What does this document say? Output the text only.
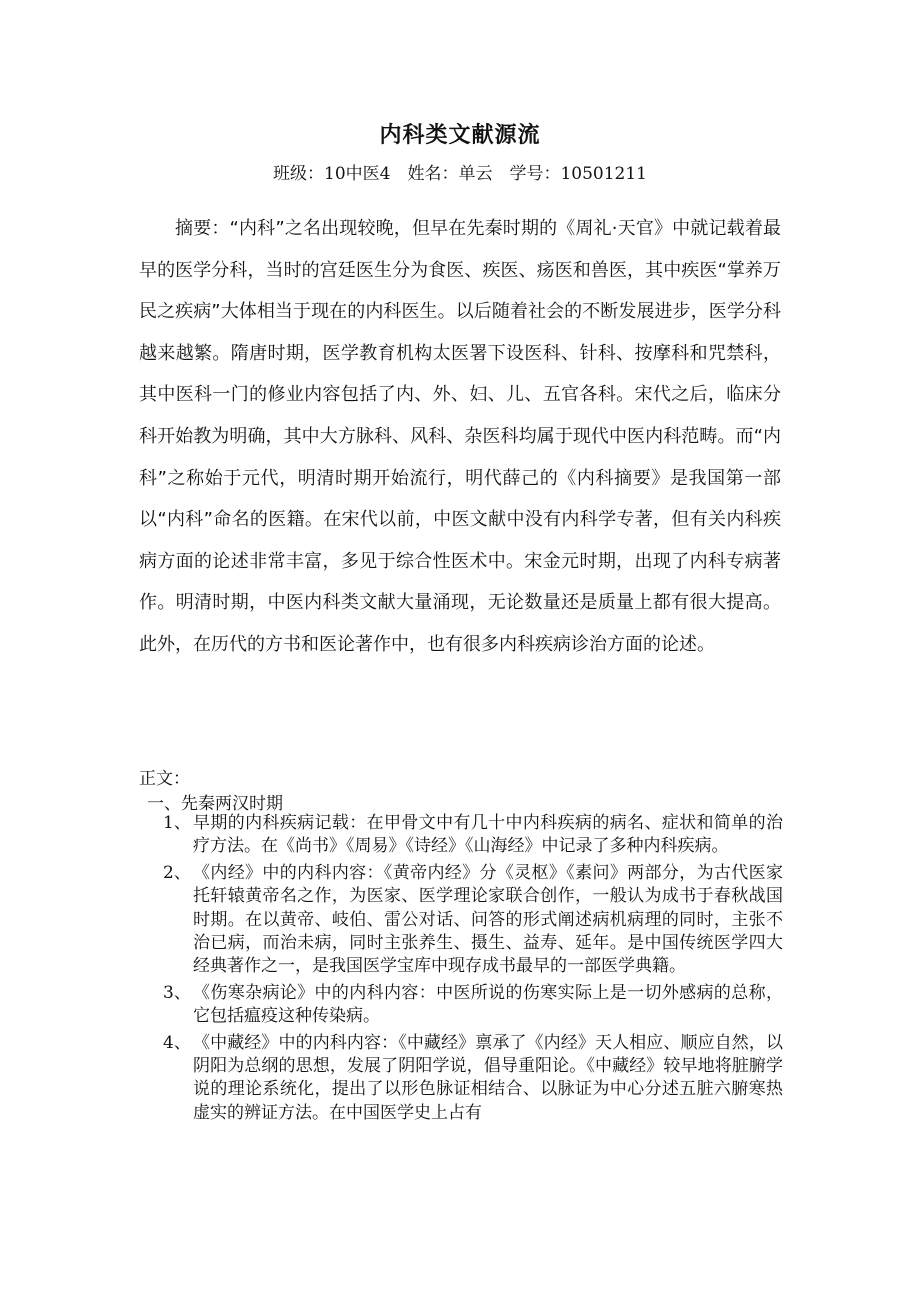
内科类文献源流
班级：10中医4　姓名：单云　学号：10501211

摘要：“内科”之名出现较晚，但早在先秦时期的《周礼·天官》中就记载着最早的医学分科，当时的宫廷医生分为食医、疾医、疡医和兽医，其中疾医“掌养万民之疾病”大体相当于现在的内科医生。以后随着社会的不断发展进步，医学分科越来越繁。隋唐时期，医学教育机构太医署下设医科、针科、按摩科和咒禁科，其中医科一门的修业内容包括了内、外、妇、儿、五官各科。宋代之后，临床分科开始教为明确，其中大方脉科、风科、杂医科均属于现代中医内科范畴。而“内科”之称始于元代，明清时期开始流行，明代薛己的《内科摘要》是我国第一部以“内科”命名的医籍。在宋代以前，中医文献中没有内科学专著，但有关内科疾病方面的论述非常丰富，多见于综合性医术中。宋金元时期，出现了内科专病著作。明清时期，中医内科类文献大量涌现，无论数量还是质量上都有很大提高。此外，在历代的方书和医论著作中，也有很多内科疾病诊治方面的论述。

正文：
一、先秦两汉时期
1、 早期的内科疾病记载：在甲骨文中有几十中内科疾病的病名、症状和简单的治疗方法。在《尚书》《周易》《诗经》《山海经》中记录了多种内科疾病。
2、 《内经》中的内科内容：《黄帝内经》分《灵枢》《素问》两部分，为古代医家托轩辕黄帝名之作，为医家、医学理论家联合创作，一般认为成书于春秋战国时期。在以黄帝、岐伯、雷公对话、问答的形式阐述病机病理的同时，主张不治已病，而治未病，同时主张养生、摄生、益寿、延年。是中国传统医学四大经典著作之一，是我国医学宝库中现存成书最早的一部医学典籍。
3、 《伤寒杂病论》中的内科内容：中医所说的伤寒实际上是一切外感病的总称，它包括瘟疫这种传染病。
4、 《中藏经》中的内科内容：《中藏经》禀承了《内经》天人相应、顺应自然，以阴阳为总纲的思想，发展了阴阳学说，倡导重阳论。《中藏经》较早地将脏腑学说的理论系统化，提出了以形色脉证相结合、以脉证为中心分述五脏六腑寒热虚实的辨证方法。在中国医学史上占有
